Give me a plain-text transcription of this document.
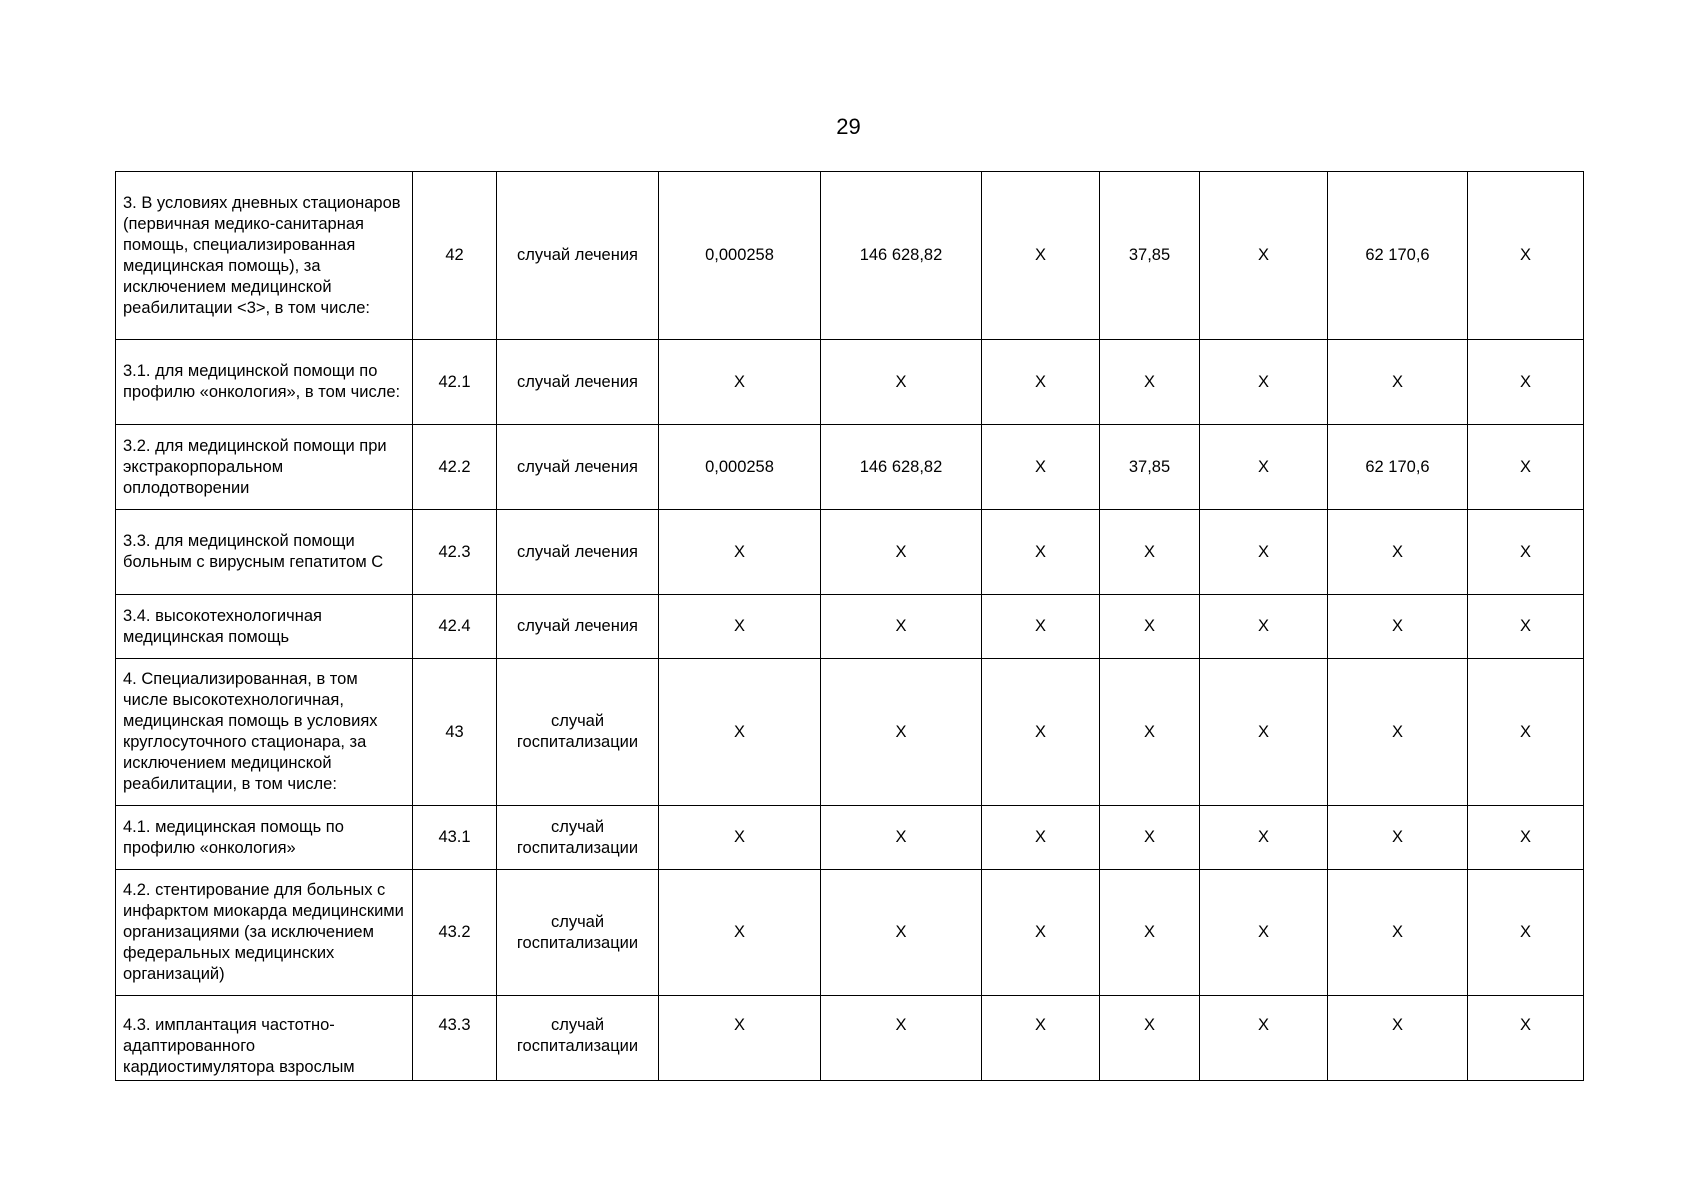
29
3. В условиях дневных стационаров (первичная медико-санитарная помощь, специализированная медицинская помощь), за исключением медицинской реабилитации <3>, в том числе:	42	случай лечения	0,000258	146 628,82	X	37,85	X	62 170,6	X
3.1. для медицинской помощи по профилю «онкология», в том числе:	42.1	случай лечения	X	X	X	X	X	X	X
3.2. для медицинской помощи при экстракорпоральном оплодотворении	42.2	случай лечения	0,000258	146 628,82	X	37,85	X	62 170,6	X
3.3. для медицинской помощи больным с вирусным гепатитом С	42.3	случай лечения	X	X	X	X	X	X	X
3.4. высокотехнологичная медицинская помощь	42.4	случай лечения	X	X	X	X	X	X	X
4. Специализированная, в том числе высокотехнологичная, медицинская помощь в условиях круглосуточного стационара, за исключением медицинской реабилитации, в том числе:	43	случай госпитализации	X	X	X	X	X	X	X
4.1. медицинская помощь по профилю «онкология»	43.1	случай госпитализации	X	X	X	X	X	X	X
4.2. стентирование для больных с инфарктом миокарда медицинскими организациями (за исключением федеральных медицинских организаций)	43.2	случай госпитализации	X	X	X	X	X	X	X
4.3. имплантация частотно-адаптированного кардиостимулятора взрослым	43.3	случай госпитализации	X	X	X	X	X	X	X
